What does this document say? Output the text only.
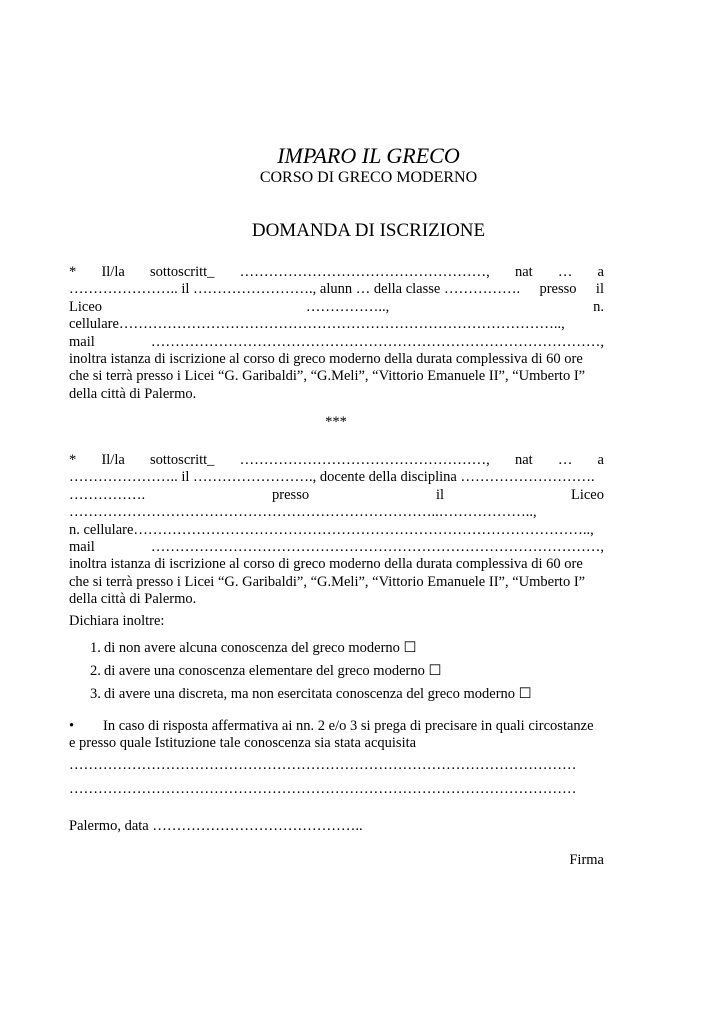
IMPARO IL GRECO
CORSO DI GRECO MODERNO
DOMANDA DI ISCRIZIONE
* Il/la sottoscritt_ ……………………………………………, nat … a
………………….. il ……………………., alunn … della classe ……………. presso il
Liceo	……………..,	n.
cellulare………………………………………………………………………………..,
mail	…………………………………………………………………………………,
inoltra istanza di iscrizione al corso di greco moderno della durata complessiva di 60 ore
che si terrà presso i Licei “G. Garibaldi”, “G.Meli”, “Vittorio Emanuele II”, “Umberto I”
della città di Palermo.
***
* Il/la sottoscritt_ ……………………………………………, nat … a
………………….. il ……………………., docente della disciplina ……………………….
…………….	presso	il	Liceo
…………………………………………………………………..………………..,
n. cellulare…………………………………………………………………………………..,
mail	…………………………………………………………………………………,
inoltra istanza di iscrizione al corso di greco moderno della durata complessiva di 60 ore
che si terrà presso i Licei “G. Garibaldi”, “G.Meli”, “Vittorio Emanuele II”, “Umberto I”
della città di Palermo.
Dichiara inoltre:
1. di non avere alcuna conoscenza del greco moderno ☐
2. di avere una conoscenza elementare del greco moderno ☐
3. di avere una discreta, ma non esercitata conoscenza del greco moderno ☐
• In caso di risposta affermativa ai nn. 2 e/o 3 si prega di precisare in quali circostanze
e presso quale Istituzione tale conoscenza sia stata acquisita
……………………………………………………………………………………………
……………………………………………………………………………………………
Palermo, data ……………………………………..
Firma
